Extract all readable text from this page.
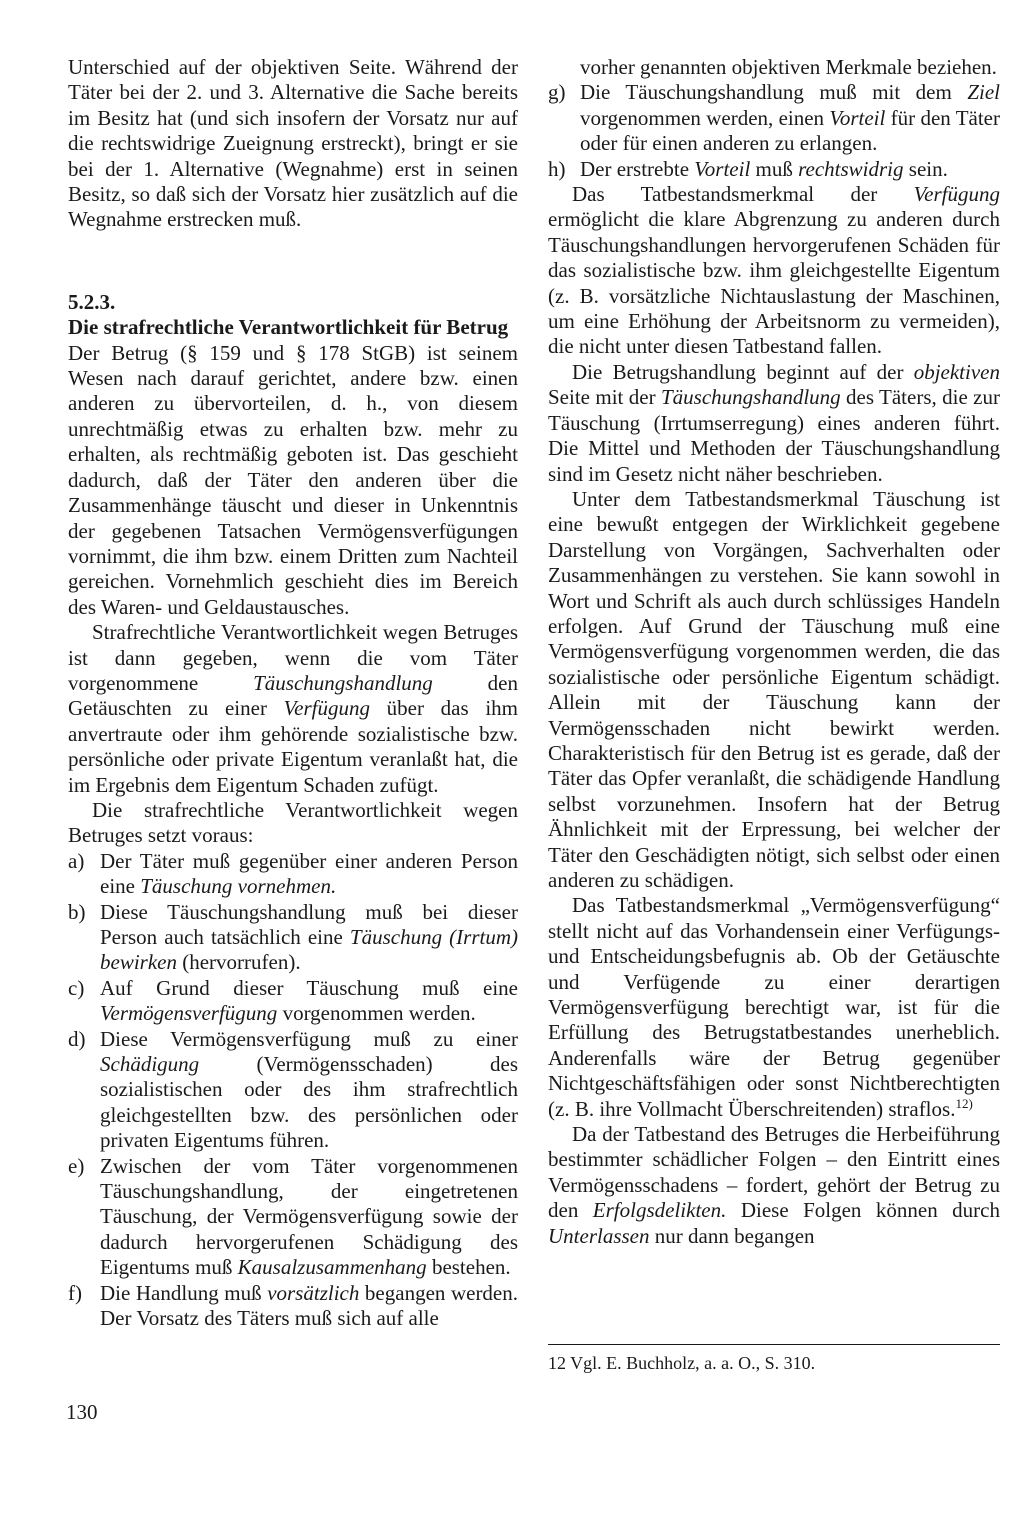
Unterschied auf der objektiven Seite. Während der Täter bei der 2. und 3. Alternative die Sache bereits im Besitz hat (und sich insofern der Vorsatz nur auf die rechtswidrige Zueignung erstreckt), bringt er sie bei der 1. Alternative (Wegnahme) erst in seinen Besitz, so daß sich der Vorsatz hier zusätzlich auf die Wegnahme erstrecken muß.

5.2.3.
Die strafrechtliche Verantwortlichkeit für Betrug

Der Betrug (§ 159 und § 178 StGB) ist seinem Wesen nach darauf gerichtet, andere bzw. einen anderen zu übervorteilen, d. h., von diesem unrechtmäßig etwas zu erhalten bzw. mehr zu erhalten, als rechtmäßig geboten ist. Das geschieht dadurch, daß der Täter den anderen über die Zusammenhänge täuscht und dieser in Unkenntnis der gegebenen Tatsachen Vermögensverfügungen vornimmt, die ihm bzw. einem Dritten zum Nachteil gereichen. Vornehmlich geschieht dies im Bereich des Waren- und Geldaustausches.

Strafrechtliche Verantwortlichkeit wegen Betruges ist dann gegeben, wenn die vom Täter vorgenommene Täuschungshandlung den Getäuschten zu einer Verfügung über das ihm anvertraute oder ihm gehörende sozialistische bzw. persönliche oder private Eigentum veranlaßt hat, die im Ergebnis dem Eigentum Schaden zufügt.

Die strafrechtliche Verantwortlichkeit wegen Betruges setzt voraus:

a) Der Täter muß gegenüber einer anderen Person eine Täuschung vornehmen.
b) Diese Täuschungshandlung muß bei dieser Person auch tatsächlich eine Täuschung (Irrtum) bewirken (hervorrufen).
c) Auf Grund dieser Täuschung muß eine Vermögensverfügung vorgenommen werden.
d) Diese Vermögensverfügung muß zu einer Schädigung (Vermögensschaden) des sozialistischen oder des ihm strafrechtlich gleichgestellten bzw. des persönlichen oder privaten Eigentums führen.
e) Zwischen der vom Täter vorgenommenen Täuschungshandlung, der eingetretenen Täuschung, der Vermögensverfügung sowie der dadurch hervorgerufenen Schädigung des Eigentums muß Kausalzusammenhang bestehen.
f) Die Handlung muß vorsätzlich begangen werden. Der Vorsatz des Täters muß sich auf alle
vorher genannten objektiven Merkmale beziehen.
g) Die Täuschungshandlung muß mit dem Ziel vorgenommen werden, einen Vorteil für den Täter oder für einen anderen zu erlangen.
h) Der erstrebte Vorteil muß rechtswidrig sein.

Das Tatbestandsmerkmal der Verfügung ermöglicht die klare Abgrenzung zu anderen durch Täuschungshandlungen hervorgerufenen Schäden für das sozialistische bzw. ihm gleichgestellte Eigentum (z. B. vorsätzliche Nichtauslastung der Maschinen, um eine Erhöhung der Arbeitsnorm zu vermeiden), die nicht unter diesen Tatbestand fallen.

Die Betrugshandlung beginnt auf der objektiven Seite mit der Täuschungshandlung des Täters, die zur Täuschung (Irrtumserregung) eines anderen führt. Die Mittel und Methoden der Täuschungshandlung sind im Gesetz nicht näher beschrieben.

Unter dem Tatbestandsmerkmal Täuschung ist eine bewußt entgegen der Wirklichkeit gegebene Darstellung von Vorgängen, Sachverhalten oder Zusammenhängen zu verstehen. Sie kann sowohl in Wort und Schrift als auch durch schlüssiges Handeln erfolgen. Auf Grund der Täuschung muß eine Vermögensverfügung vorgenommen werden, die das sozialistische oder persönliche Eigentum schädigt. Allein mit der Täuschung kann der Vermögensschaden nicht bewirkt werden. Charakteristisch für den Betrug ist es gerade, daß der Täter das Opfer veranlaßt, die schädigende Handlung selbst vorzunehmen. Insofern hat der Betrug Ähnlichkeit mit der Erpressung, bei welcher der Täter den Geschädigten nötigt, sich selbst oder einen anderen zu schädigen.

Das Tatbestandsmerkmal „Vermögensverfügung“ stellt nicht auf das Vorhandensein einer Verfügungs- und Entscheidungsbefugnis ab. Ob der Getäuschte und Verfügende zu einer derartigen Vermögensverfügung berechtigt war, ist für die Erfüllung des Betrugstatbestandes unerheblich. Anderenfalls wäre der Betrug gegenüber Nichtgeschäftsfähigen oder sonst Nichtberechtigten (z. B. ihre Vollmacht Überschreitenden) straflos.$^{12)}$

Da der Tatbestand des Betruges die Herbeiführung bestimmter schädlicher Folgen – den Eintritt eines Vermögensschadens – fordert, gehört der Betrug zu den Erfolgsdelikten. Diese Folgen können durch Unterlassen nur dann begangen

12 Vgl. E. Buchholz, a. a. O., S. 310.
130
